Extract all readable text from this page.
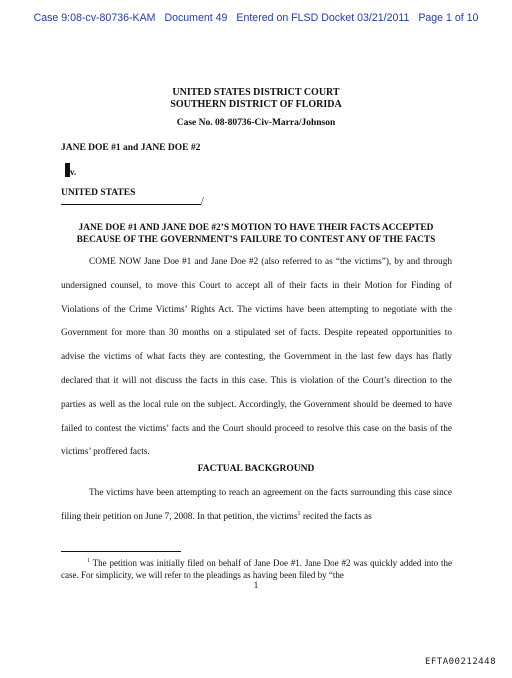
Case 9:08-cv-80736-KAM Document 49 Entered on FLSD Docket 03/21/2011 Page 1 of 10
UNITED STATES DISTRICT COURT
SOUTHERN DISTRICT OF FLORIDA
Case No. 08-80736-Civ-Marra/Johnson
JANE DOE #1 and JANE DOE #2
v.
UNITED STATES
/
JANE DOE #1 AND JANE DOE #2’S MOTION TO HAVE THEIR FACTS ACCEPTED
BECAUSE OF THE GOVERNMENT’S FAILURE TO CONTEST ANY OF THE FACTS

COME NOW Jane Doe #1 and Jane Doe #2 (also referred to as “the victims”), by and through undersigned counsel, to move this Court to accept all of their facts in their Motion for Finding of Violations of the Crime Victims’ Rights Act. The victims have been attempting to negotiate with the Government for more than 30 months on a stipulated set of facts. Despite repeated opportunities to advise the victims of what facts they are contesting, the Government in the last few days has flatly declared that it will not discuss the facts in this case. This is violation of the Court’s direction to the parties as well as the local rule on the subject. Accordingly, the Government should be deemed to have failed to contest the victims’ facts and the Court should proceed to resolve this case on the basis of the victims’ proffered facts.

FACTUAL BACKGROUND

The victims have been attempting to reach an agreement on the facts surrounding this case since filing their petition on June 7, 2008. In that petition, the victims$^1$ recited the facts as

$^1$ The petition was initially filed on behalf of Jane Doe #1. Jane Doe #2 was quickly added into the case. For simplicity, we will refer to the pleadings as having been filed by “the

1
EFTA00212448
